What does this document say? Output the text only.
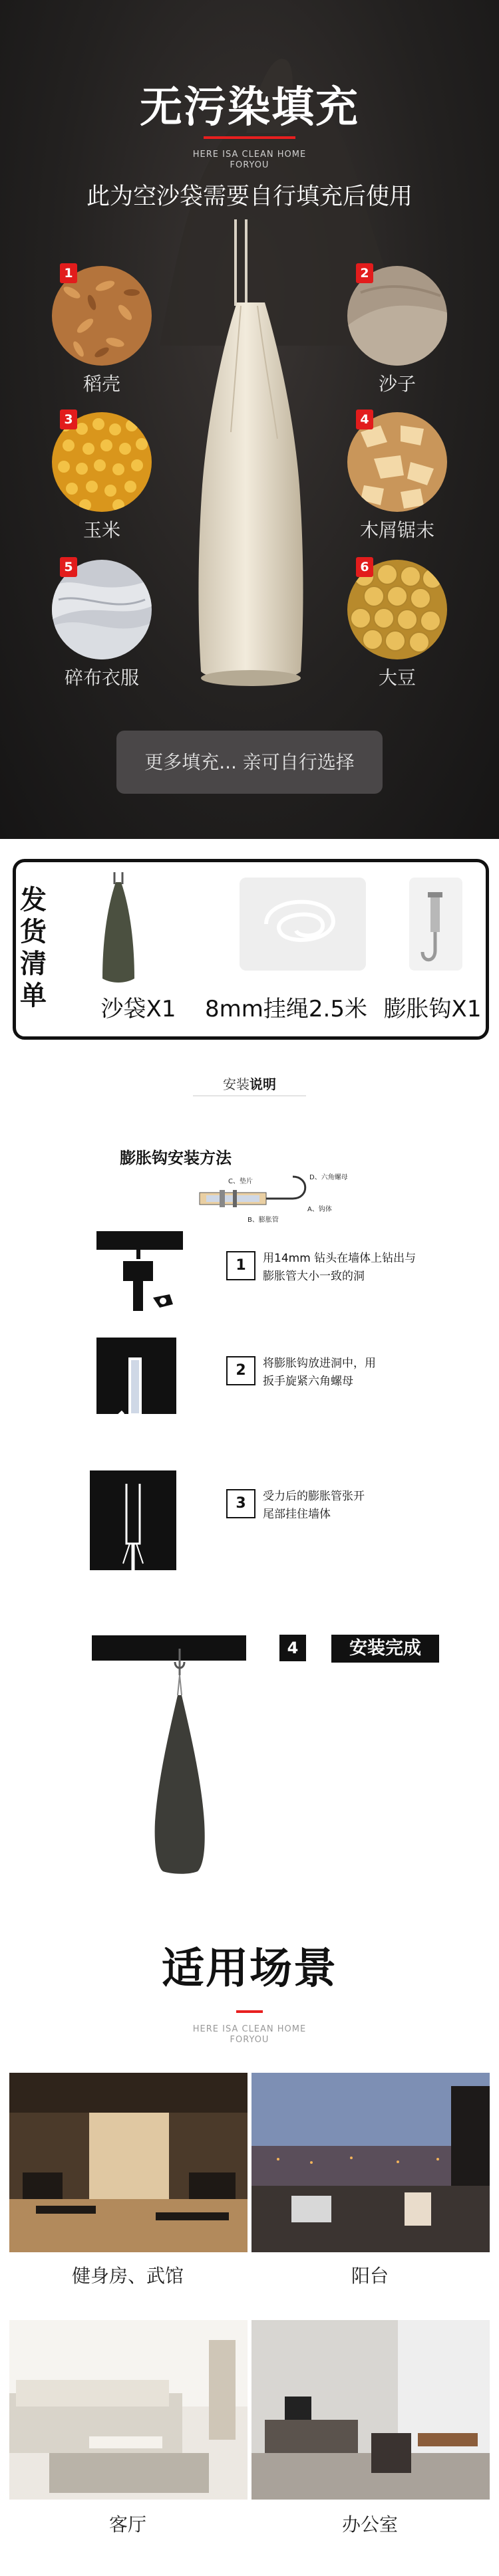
无污染填充
HERE ISA CLEAN HOME
FORYOU
此为空沙袋需要自行填充后使用
1
稻壳
2
沙子
3
玉米
4
木屑锯末
5
碎布衣服
6
大豆
更多填充... 亲可自行选择
发货清单	沙袋X1	8mm挂绳2.5米 膨胀钩X1
安装说明
膨胀钩安装方法
D、六角螺母
C、垫片
A、钩体
B、膨胀管
1	用14mm 钻头在墙体上钻出与
膨胀管大小一致的洞
2	将膨胀钩放进洞中，用
扳手旋紧六角螺母
3	受力后的膨胀管张开
尾部挂住墙体
4	安装完成
适用场景
HERE ISA CLEAN HOME
FORYOU
健身房、武馆	阳台
客厅	办公室
